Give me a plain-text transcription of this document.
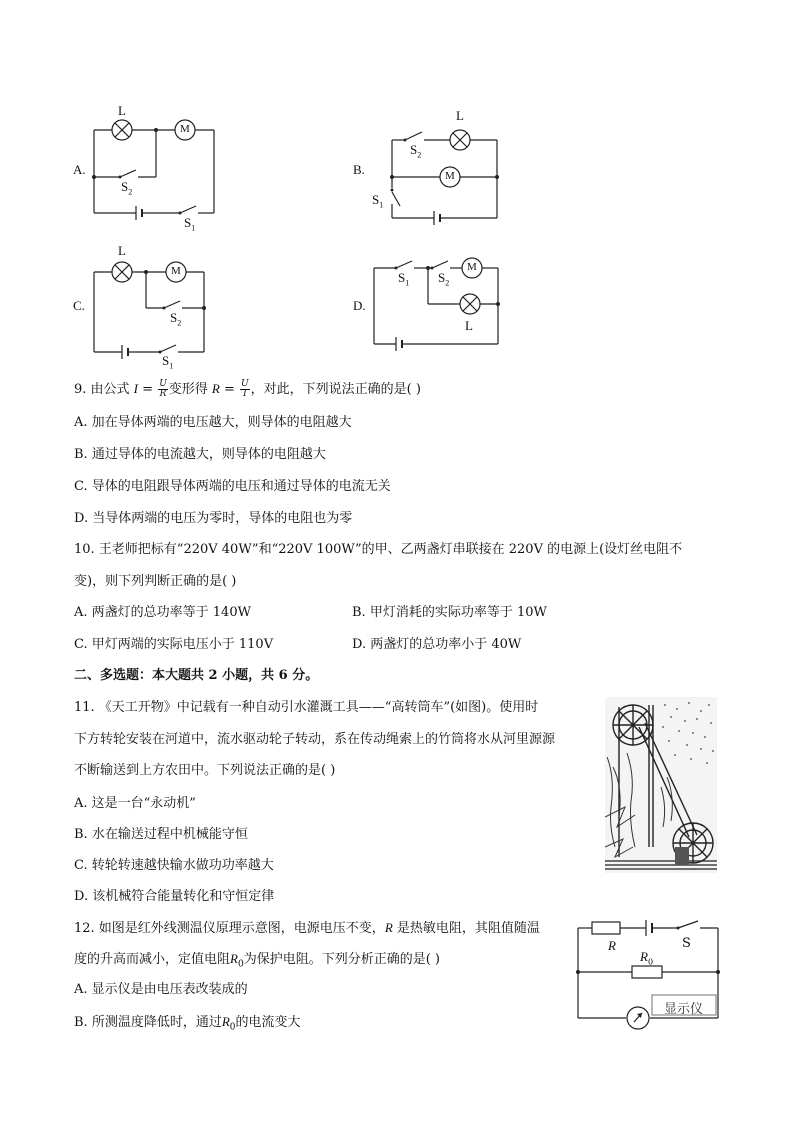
A.
L
M
$S_2$
$S_1$
B.
L
M
$S_2$
$S_1$
C.
L
M
$S_2$
$S_1$
D.
$S_1$ $S_2$
M
L
9. 由公式 $I = \frac{U}{R}$ 变形得 $R = \frac{U}{I}$ ，对此，下列说法正确的是( )
A. 加在导体两端的电压越大，则导体的电阻越大
B. 通过导体的电流越大，则导体的电阻越大
C. 导体的电阻跟导体两端的电压和通过导体的电流无关
D. 当导体两端的电压为零时，导体的电阻也为零
10. 王老师把标有“220V 40W”和“220V 100W”的甲、乙两盏灯串联接在 220V 的电源上(设灯丝电阻不
变)，则下列判断正确的是( )
A. 两盏灯的总功率等于 140W	B. 甲灯消耗的实际功率等于 10W
C. 甲灯两端的实际电压小于 110V	D. 两盏灯的总功率小于 40W
二、多选题：本大题共 2 小题，共 6 分。
11. 《天工开物》中记载有一种自动引水灌溉工具——“高转筒车”(如图)。使用时
下方转轮安装在河道中，流水驱动轮子转动，系在传动绳索上的竹筒将水从河里源源
不断输送到上方农田中。下列说法正确的是( )
A. 这是一台“永动机”
B. 水在输送过程中机械能守恒
C. 转轮转速越快输水做功功率越大
D. 该机械符合能量转化和守恒定律
12. 如图是红外线测温仪原理示意图，电源电压不变，R 是热敏电阻，其阻值随温
度的升高而减小，定值电阻$R_0$为保护电阻。下列分析正确的是( )
A. 显示仪是由电压表改装成的
B. 所测温度降低时，通过$R_0$的电流变大
R
$R_0$
S
显示仪
